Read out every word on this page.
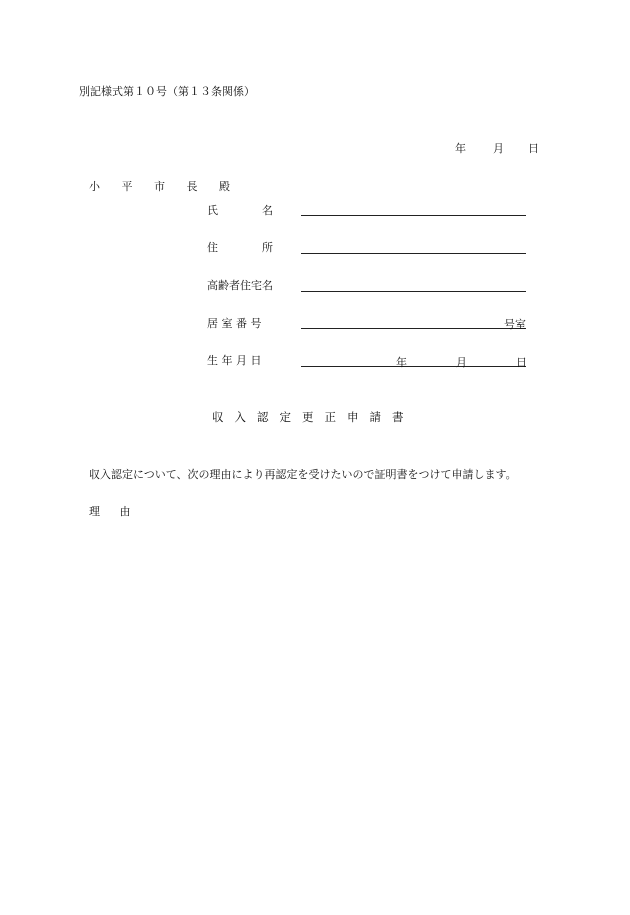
別記様式第１０号（第１３条関係）
年 月 日
小 平 市 長 殿
氏　　　　名
住　　　　所
高齢者住宅名
居 室 番 号	号室
生 年 月 日	年	月	日
収入認定更正申請書
収入認定について、次の理由により再認定を受けたいので証明書をつけて申請します。
理 由
